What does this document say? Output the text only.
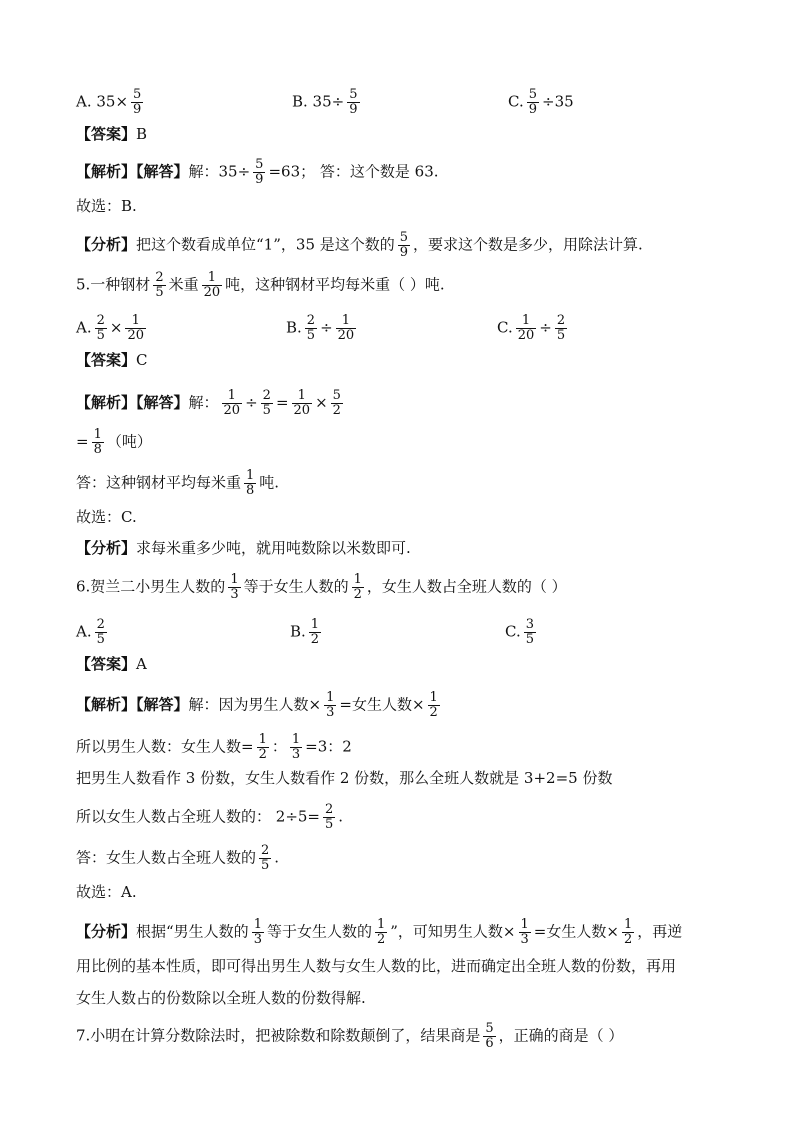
A. $35\times \frac{5}{9}$	B. $35\div \frac{5}{9}$	C. $\frac{5}{9} \div 35$
【答案】B
【解析】【解答】解：$35\div \frac{5}{9} =63$； 答：这个数是 63.
故选：B.
【分析】把这个数看成单位“1”，35 是这个数的 $\frac{5}{9}$ ，要求这个数是多少，用除法计算.
5.一种钢材 $\frac{2}{5}$ 米重 $\frac{1}{20}$ 吨，这种钢材平均每米重（ ）吨.
A. $\frac{2}{5} \times \frac{1}{20}$	B. $\frac{2}{5} \div \frac{1}{20}$	C. $\frac{1}{20} \div \frac{2}{5}$
【答案】C
【解析】【解答】解： $\frac{1}{20} \div \frac{2}{5} = \frac{1}{20} \times \frac{5}{2}$
= $\frac{1}{8}$ （吨）
答：这种钢材平均每米重 $\frac{1}{8}$ 吨.
故选：C.
【分析】求每米重多少吨，就用吨数除以米数即可.
6.贺兰二小男生人数的 $\frac{1}{3}$ 等于女生人数的 $\frac{1}{2}$ ，女生人数占全班人数的（ ）
A. $\frac{2}{5}$	B. $\frac{1}{2}$	C. $\frac{3}{5}$
【答案】A
【解析】【解答】解：因为男生人数× $\frac{1}{3}$ =女生人数× $\frac{1}{2}$
所以男生人数：女生人数= $\frac{1}{2}$ ： $\frac{1}{3} =3$：2
把男生人数看作 3 份数，女生人数看作 2 份数，那么全班人数就是 3+2=5 份数
所以女生人数占全班人数的： $2\div 5= \frac{2}{5}$ .
答：女生人数占全班人数的 $\frac{2}{5}$ .
故选：A.
【分析】根据“男生人数的 $\frac{1}{3}$ 等于女生人数的 $\frac{1}{2}$ ”，可知男生人数× $\frac{1}{3}$ =女生人数× $\frac{1}{2}$ ，再逆
用比例的基本性质，即可得出男生人数与女生人数的比，进而确定出全班人数的份数，再用
女生人数占的份数除以全班人数的份数得解.
7.小明在计算分数除法时，把被除数和除数颠倒了，结果商是 $\frac{5}{6}$ ，正确的商是（ ）
